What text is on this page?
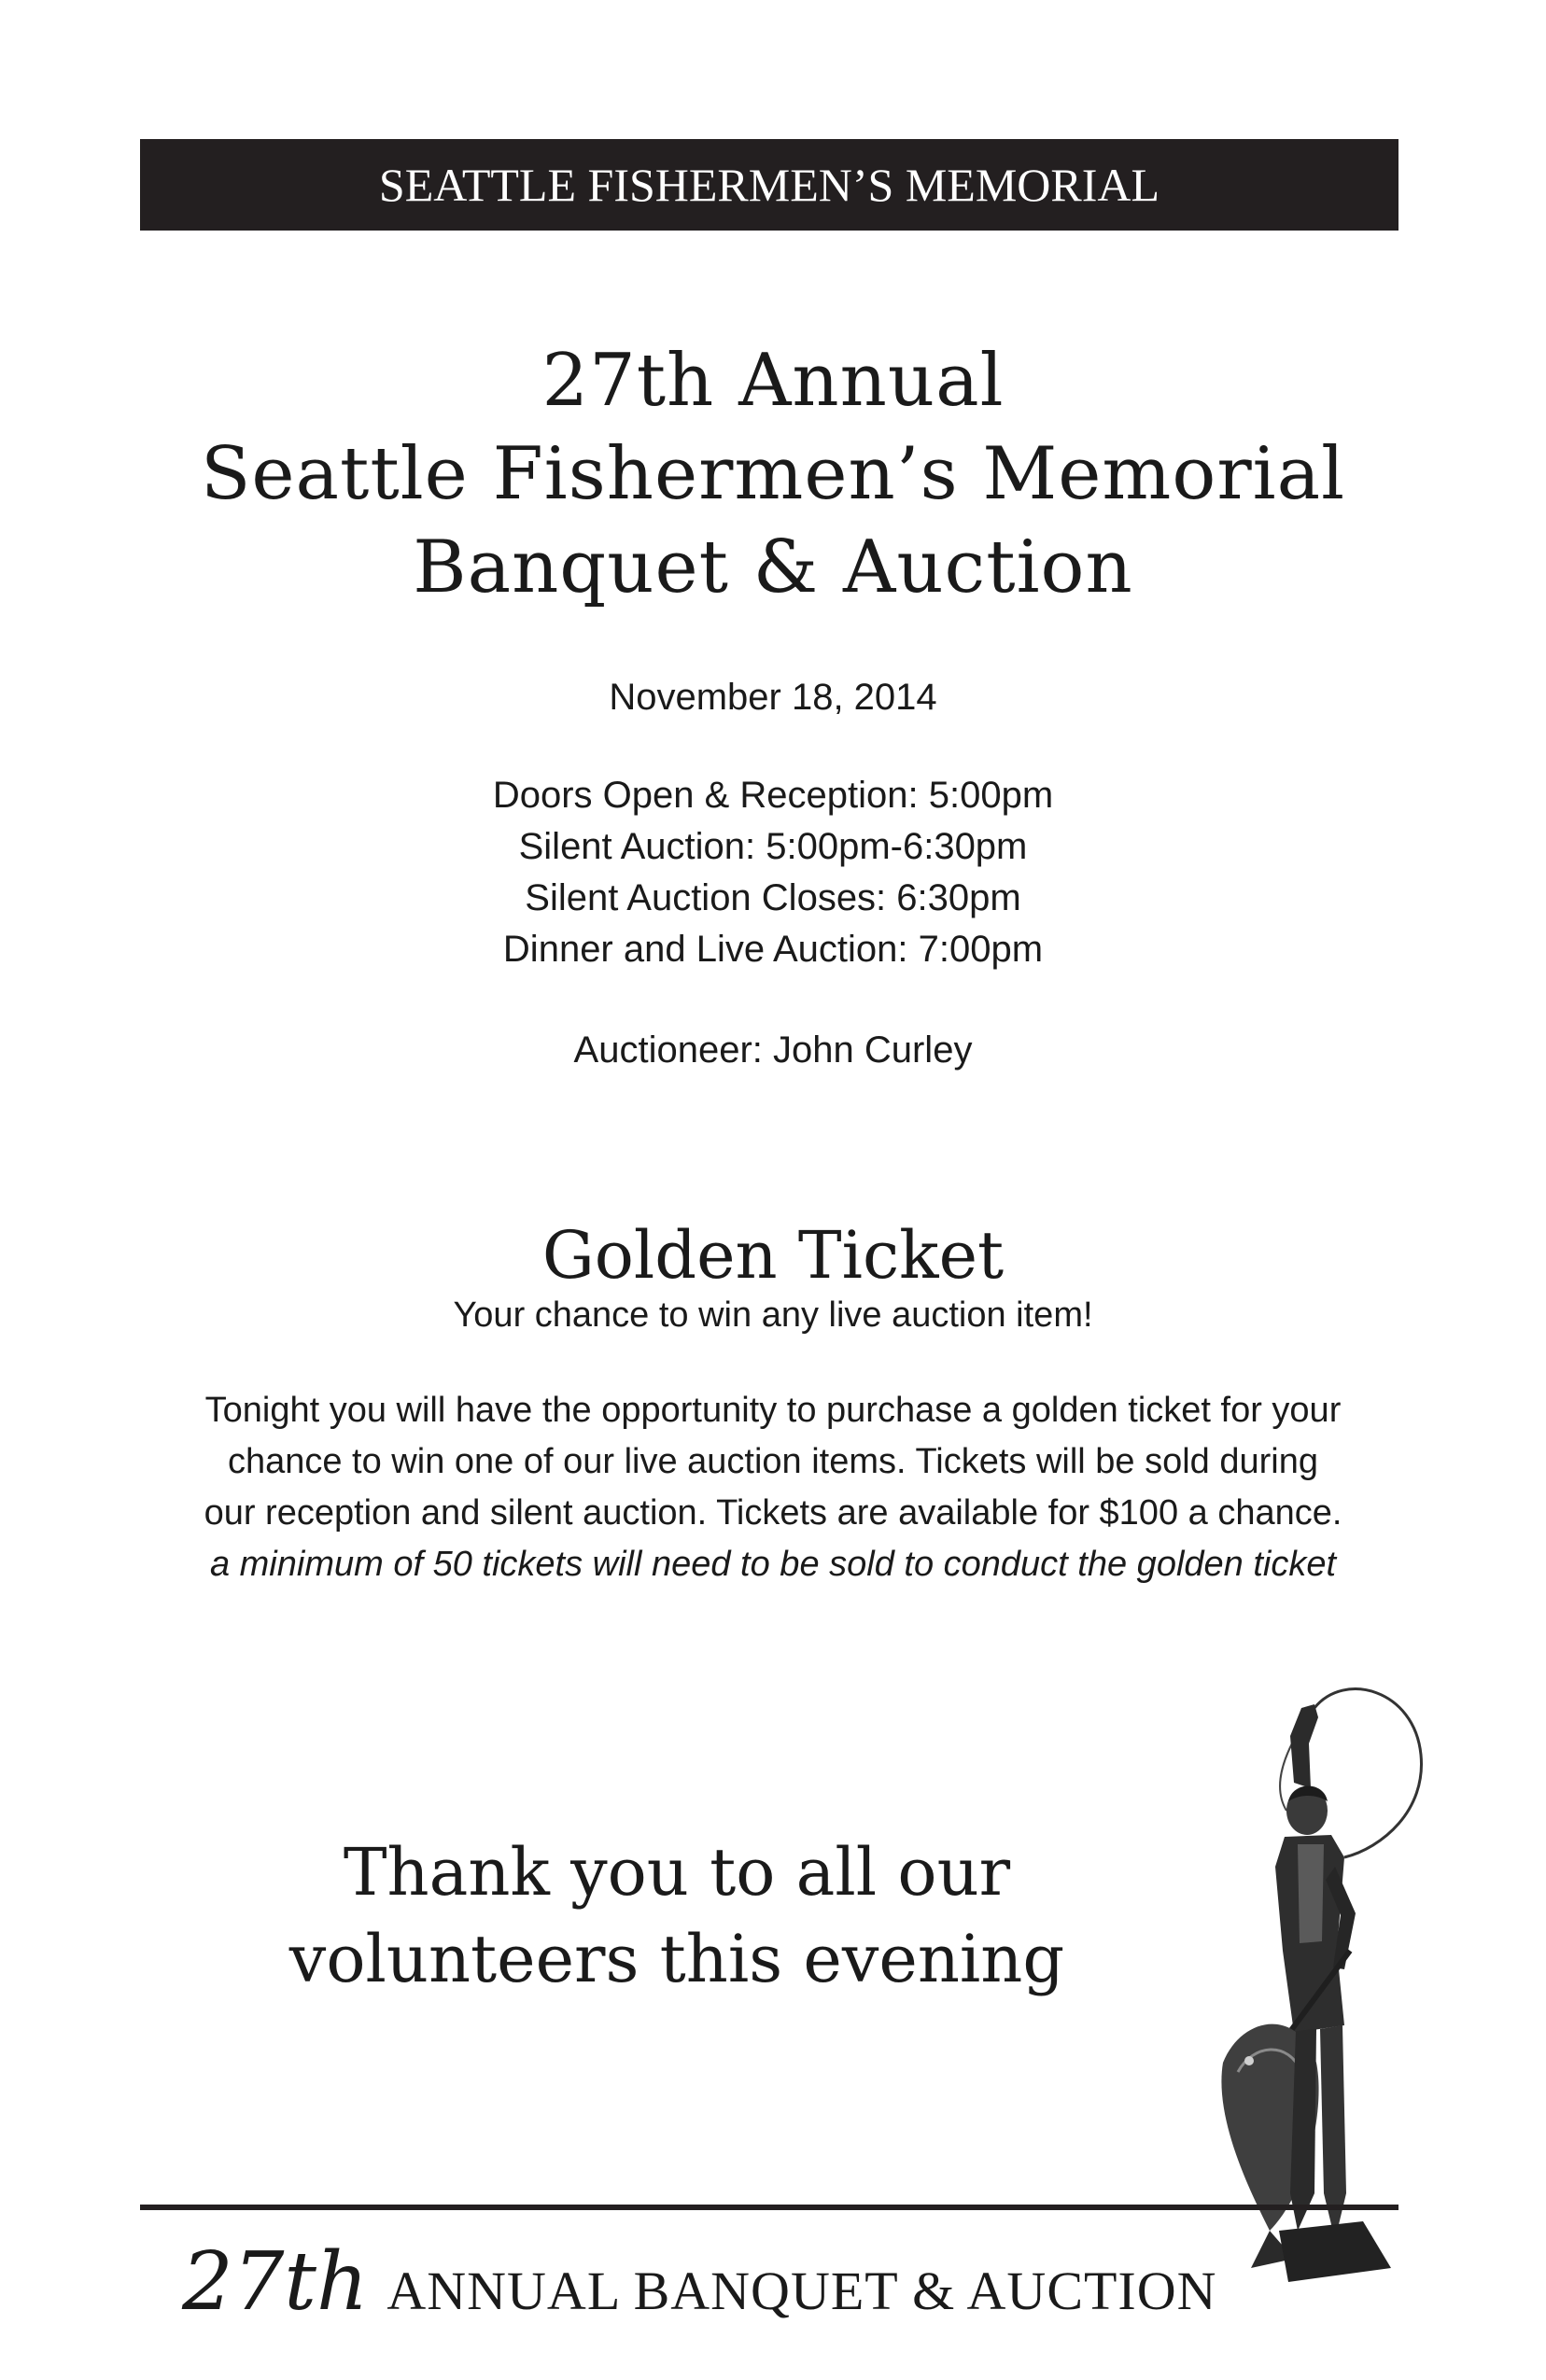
SEATTLE FISHERMEN’S MEMORIAL
27th Annual
Seattle Fishermen’s Memorial
Banquet & Auction
November 18, 2014
Doors Open & Reception: 5:00pm
Silent Auction: 5:00pm-6:30pm
Silent Auction Closes: 6:30pm
Dinner and Live Auction: 7:00pm
Auctioneer: John Curley
Golden Ticket
Your chance to win any live auction item!
Tonight you will have the opportunity to purchase a golden ticket for your
chance to win one of our live auction items. Tickets will be sold during
our reception and silent auction. Tickets are available for $100 a chance.
a minimum of 50 tickets will need to be sold to conduct the golden ticket
Thank you to all our
volunteers this evening
27th ANNUAL BANQUET & AUCTION
